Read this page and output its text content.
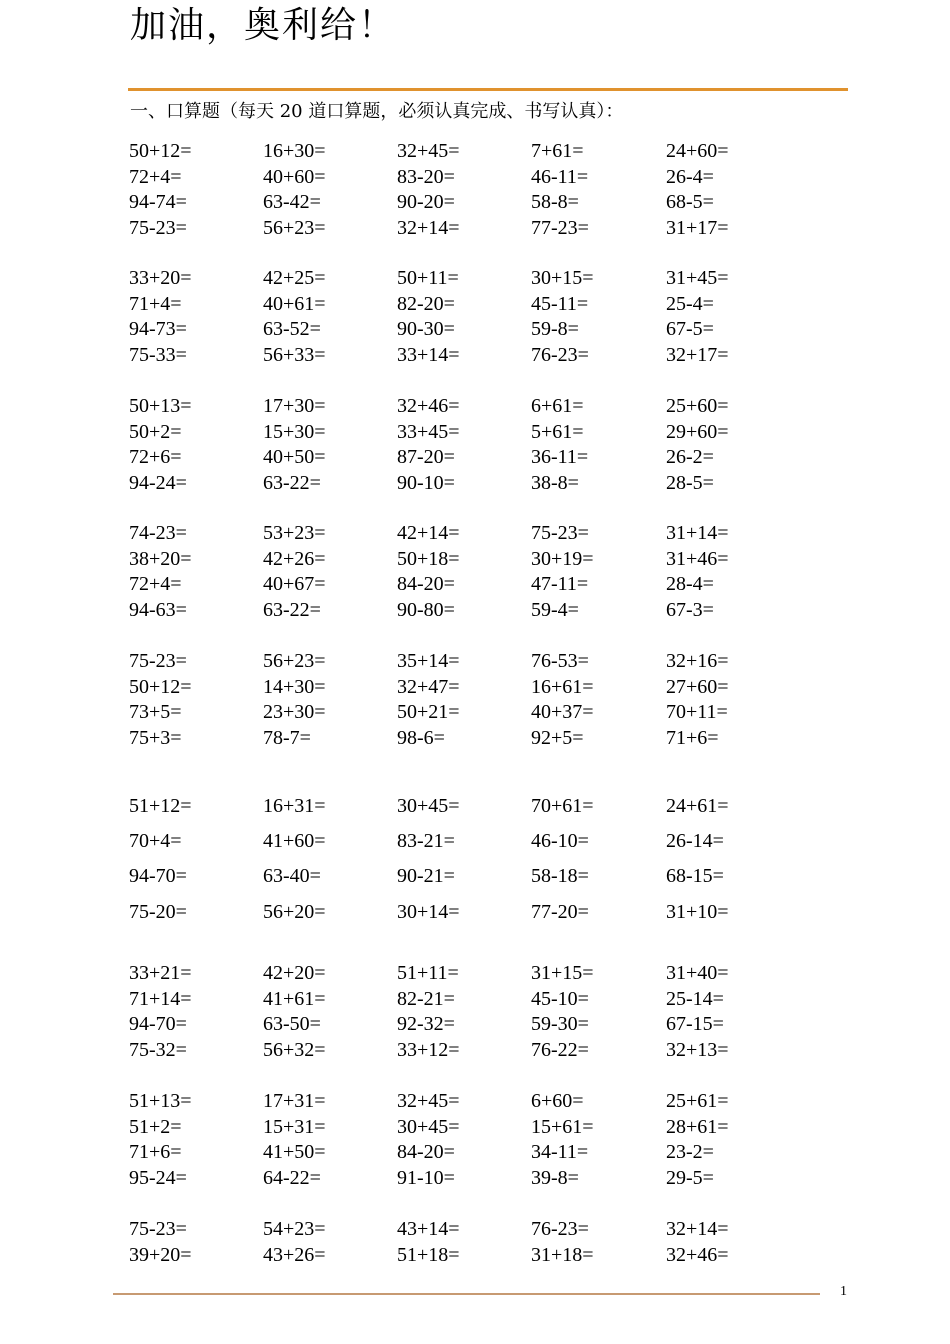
加油，奥利给！
一、口算题（每天 20 道口算题，必须认真完成、书写认真）：
50+12=	16+30=	32+45=	7+61=	24+60=
72+4=	40+60=	83-20=	46-11=	26-4=
94-74=	63-42=	90-20=	58-8=	68-5=
75-23=	56+23=	32+14=	77-23=	31+17=
33+20=	42+25=	50+11=	30+15=	31+45=
71+4=	40+61=	82-20=	45-11=	25-4=
94-73=	63-52=	90-30=	59-8=	67-5=
75-33=	56+33=	33+14=	76-23=	32+17=
50+13=	17+30=	32+46=	6+61=	25+60=
50+2=	15+30=	33+45=	5+61=	29+60=
72+6=	40+50=	87-20=	36-11=	26-2=
94-24=	63-22=	90-10=	38-8=	28-5=
74-23=	53+23=	42+14=	75-23=	31+14=
38+20=	42+26=	50+18=	30+19=	31+46=
72+4=	40+67=	84-20=	47-11=	28-4=
94-63=	63-22=	90-80=	59-4=	67-3=
75-23=	56+23=	35+14=	76-53=	32+16=
50+12=	14+30=	32+47=	16+61=	27+60=
73+5=	23+30=	50+21=	40+37=	70+11=
75+3=	78-7=	98-6=	92+5=	71+6=
51+12=	16+31=	30+45=	70+61=	24+61=
70+4=	41+60=	83-21=	46-10=	26-14=
94-70=	63-40=	90-21=	58-18=	68-15=
75-20=	56+20=	30+14=	77-20=	31+10=
33+21=	42+20=	51+11=	31+15=	31+40=
71+14=	41+61=	82-21=	45-10=	25-14=
94-70=	63-50=	92-32=	59-30=	67-15=
75-32=	56+32=	33+12=	76-22=	32+13=
51+13=	17+31=	32+45=	6+60=	25+61=
51+2=	15+31=	30+45=	15+61=	28+61=
71+6=	41+50=	84-20=	34-11=	23-2=
95-24=	64-22=	91-10=	39-8=	29-5=
75-23=	54+23=	43+14=	76-23=	32+14=
39+20=	43+26=	51+18=	31+18=	32+46=
1
